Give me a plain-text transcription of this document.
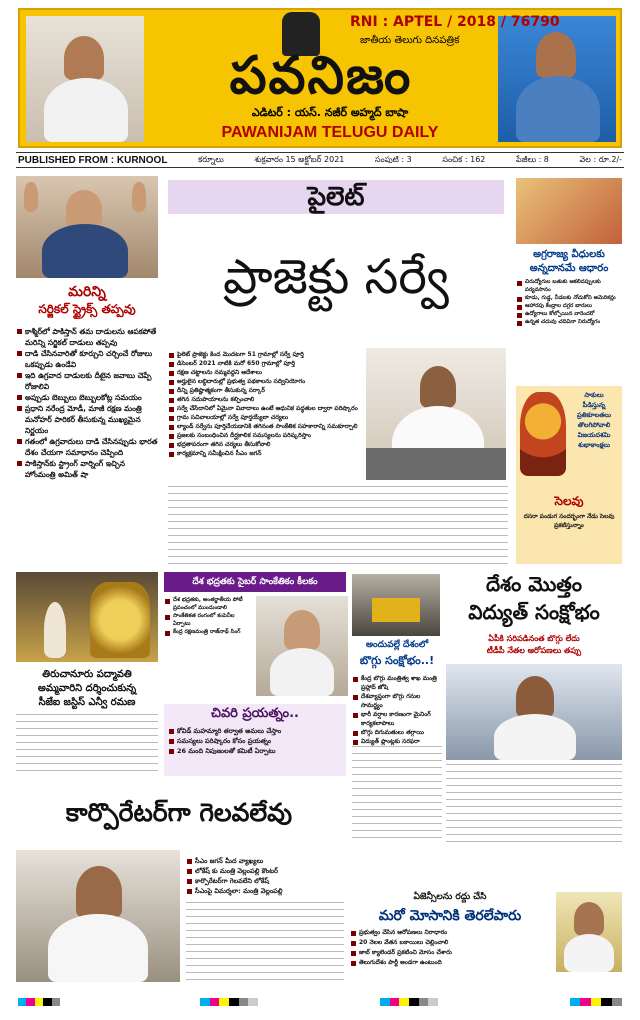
RNI : APTEL / 2018 / 76790
జాతీయ తెలుగు దినపత్రిక
పవనిజం
ఎడిటర్ : యస్. నజీర్ అహ్మద్ బాషా
PAWANIJAM TELUGU DAILY
PUBLISHED FROM : KURNOOL	కర్నూలు	శుక్రవారం 15 అక్టోబర్ 2021	సంపుటి : 3	సంచిక : 162	పేజీలు : 8	వెల : రూ.2/-
మరిన్ని
సర్జికల్ స్ట్రైక్స్ తప్పవు
కాశ్మీర్‌లో పాకిస్తాన్ తమ దాడులను ఆపకపోతే మరిన్ని సర్జికల్ దాడులు తప్పవు
దాడి చేసినవారితో కూర్చుని చర్చించే రోజులు ఒకప్పుడు ఉండేవి
ఇది ఉగ్రవాద దాడులకు దీటైన జవాబు చెప్పే రోజులివి
అప్పుడు బెబ్బులు బెబ్బులకోట్ల సమయం
ప్రధాని నరేంద్ర మోడీ, మాజీ రక్షణ మంత్రి మనోహర్ పారికర్ తీసుకున్న ముఖ్యమైన నిర్ణయం
గతంలో ఉగ్రవాదులు దాడి చేసినప్పుడు భారత దేశం చేయగా సమాధానం చెప్పింది
పాకిస్తాన్‌కు స్ట్రాంగ్ వార్నింగ్ ఇచ్చిన హోంమంత్రి అమిత్ షా
పైలెట్
ప్రాజెక్టు సర్వే
పైలెట్ ప్రాజెక్టు కింద మెుదటగా 51 గ్రామాల్లో సర్వే పూర్తి
డిసెంబర్ 2021 నాటికి మరో 650 గ్రామాల్లో పూర్తి
రక్షణ చట్టాలను నమ్మవద్దని ఆదేశాలు
అర్హులైన లబ్ధిదారుల్లో ప్రభుత్వ పథకాలను సద్వినియోగం
దీన్ని ప్రతిష్టాత్మకంగా తీసుకున్న సర్కార్
తగిన సదుపాయాలను కల్పించాలి
సర్వే చేసేదానిలో ఏమైనా వివాదాలు ఉంటే ఆధునిక పద్ధతుల ద్వారా పరిష్కారం
గ్రామ సచివాలయాల్లో సర్వే పూర్తయ్యేలా చర్యలు
ల్యాండ్ సర్వేను పూర్తిచేయడానికి తగినంత సాంకేతిక సహకారాన్ని సమకూర్చాలి
ప్రజలకు సంబంధించిన దీర్ఘకాలిక సమస్యలను పరిష్కరిస్తాం
భద్రతాపరంగా తగిన చర్యలు తీసుకోవాలి
కార్యక్రమాన్ని సమీక్షించిన సీఎం జగన్
అగ్రరాజ్య వీధులకు
అన్నదానమే ఆధారం
చిరుద్యోగుల బతుకు ఆకలిదప్పులకు పర్యవసానం
కూడు, గుడ్డ, నీడలకు నోచుకోని అమెరికన్లు
ఆహారపు కేంద్రాల దగ్గర బారులు
ఉద్యోగాలు కోల్పోయిన వారెందరో
ఉన్నత చదువు చదివినా నిరుద్యోగం
సాకులు
పీడిస్తున్న
ప్రతికూలతలు
తొలగిపోవాలి
విజయదశమి
శుభాకాంక్షలు
సెలవు
దసరా పండుగ సందర్భంగా నేడు సెలవు ప్రకటిస్తున్నాం
తిరుచానూరు పద్మావతి
అమ్మవారిని దర్శించుకున్న
సీజేఐ జస్టిస్ ఎన్వీ రమణ
దేశ భద్రతకు సైబర్ సాంకేతికం కీలకం
దేశ భద్రతకు, అంతర్జాతీయ పోటీ ప్రపంచంలో ముందుండాలి
సాంకేతికత రంగంలో కంపెనీల ఏర్పాటు
కేంద్ర రక్షణమంత్రి రాజ్‌నాథ్ సింగ్
అందువల్లే దేశంలో
బొగ్గు సంక్షోభం..!
కేంద్ర బొగ్గు మంత్రిత్వ శాఖ మంత్రి ప్రహ్లాద్ జోషి
దేశవ్యాప్తంగా బొగ్గు గనుల సామర్థ్యం
భారీ వర్షాల కారణంగా మైనింగ్ కార్యకలాపాలు
బొగ్గు దిగుమతులు తగ్గాయి
విద్యుత్ ప్లాంట్లకు సరఫరా
దేశం మొత్తం
విద్యుత్ సంక్షోభం
ఏపీకి సరిపడినంత బొగ్గు లేదు
టీడీపీ నేతల ఆరోపణలు తప్పు
చివరి ప్రయత్నం..
కోవిడ్ మహమ్మారి తర్వాత అమలు చేస్తాం
సమస్యలు పరిష్కారం కోసం ప్రయత్నం
26 మంది నిపుణులతో కమిటీ ఏర్పాటు
కార్పొరేటర్‌గా గెలవలేవు
సీఎం జగన్ మీద వ్యాఖ్యలు
లోకేష్ కు మంత్రి వెల్లంపల్లి కౌంటర్
కార్పొరేటర్‌గా గెలవలేని లోకేష్
సీఎంపై విమర్శలా: మంత్రి వెల్లంపల్లి
ఏజెన్సీలను రద్దు చేసి
మరో మోసానికి తెరలేపారు
ప్రభుత్వం చేసిన ఆరోపణలు నిరాధారం
20 నెలల వేతన బకాయిలు చెల్లించాలి
జాబ్ క్యాలెండర్ ప్రకటించి మోసం చేశారు
తెలుగుదేశం పార్టీ అండగా ఉంటుంది
